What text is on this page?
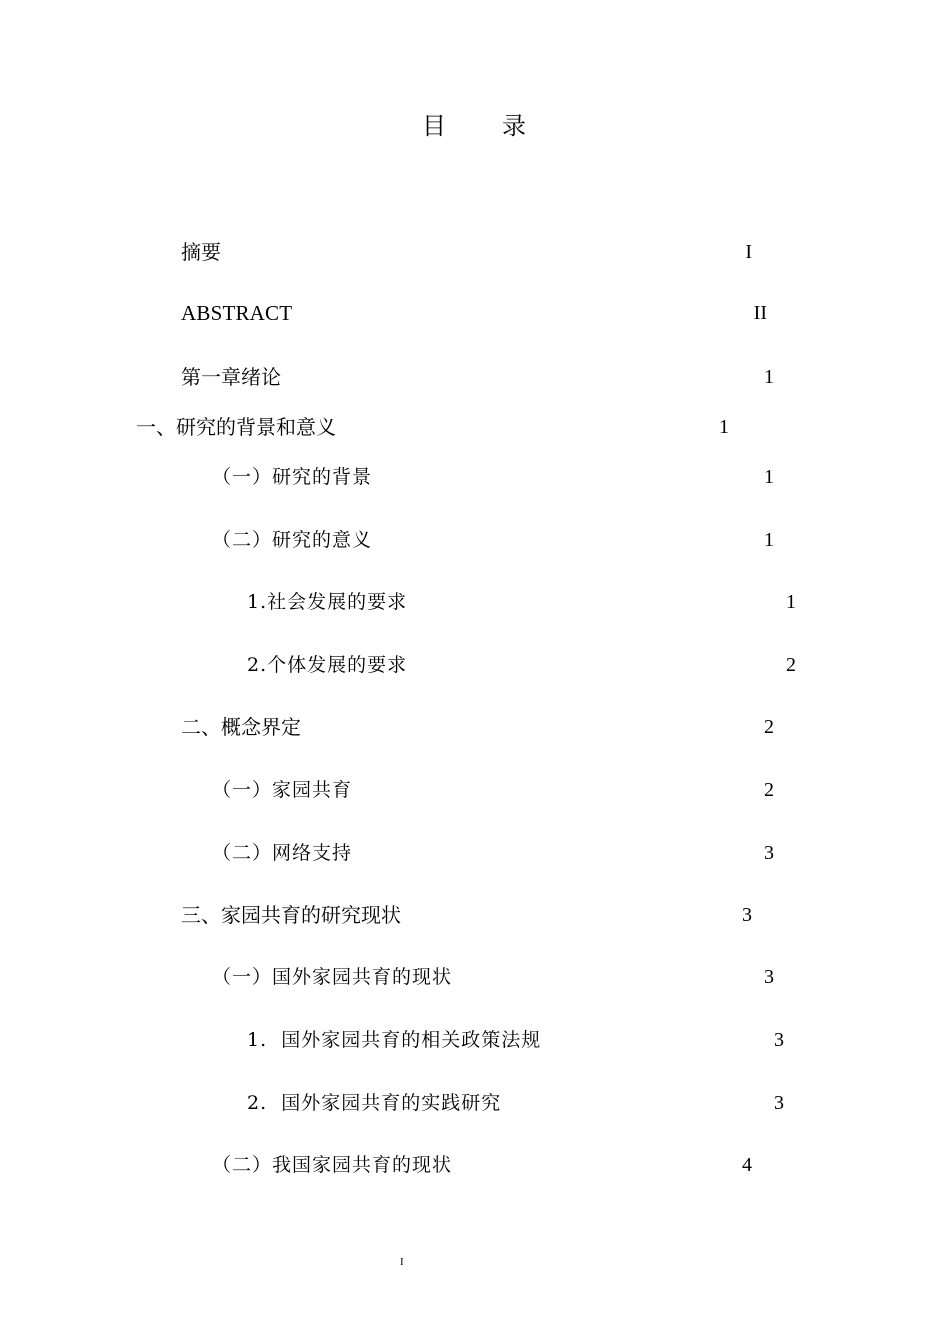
目 录
摘要	I
ABSTRACT	II
第一章绪论	1
一、研究的背景和意义	1
（一）研究的背景	1
（二）研究的意义	1
1.社会发展的要求	1
2.个体发展的要求	2
二、概念界定	2
（一）家园共育	2
（二）网络支持	3
三、家园共育的研究现状	3
（一）国外家园共育的现状	3
1.  国外家园共育的相关政策法规	3
2.  国外家园共育的实践研究	3
（二）我国家园共育的现状	4
I
